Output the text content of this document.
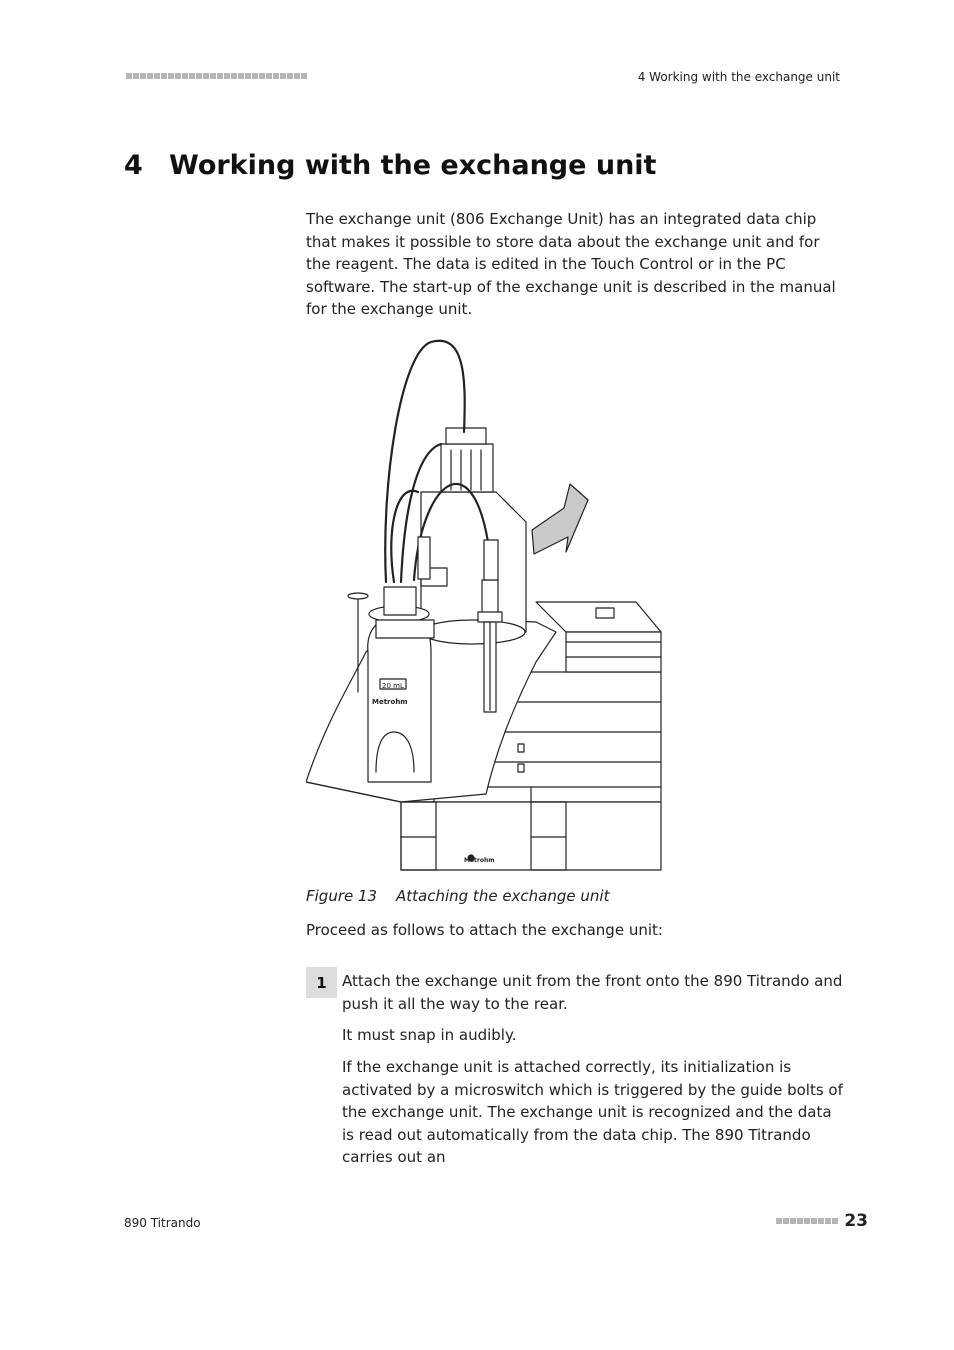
4 Working with the exchange unit
4 Working with the exchange unit

The exchange unit (806 Exchange Unit) has an integrated data chip that makes it possible to store data about the exchange unit and for the reagent. The data is edited in the Touch Control or in the PC software. The start-up of the exchange unit is described in the manual for the exchange unit.

20 mL
Metrohm
Metrohm
Figure 13 Attaching the exchange unit

Proceed as follows to attach the exchange unit:

1	Attach the exchange unit from the front onto the 890 Titrando and push it all the way to the rear.

It must snap in audibly.

If the exchange unit is attached correctly, its initialization is activated by a microswitch which is triggered by the guide bolts of the exchange unit. The exchange unit is recognized and the data is read out automatically from the data chip. The 890 Titrando carries out an

890 Titrando	23
